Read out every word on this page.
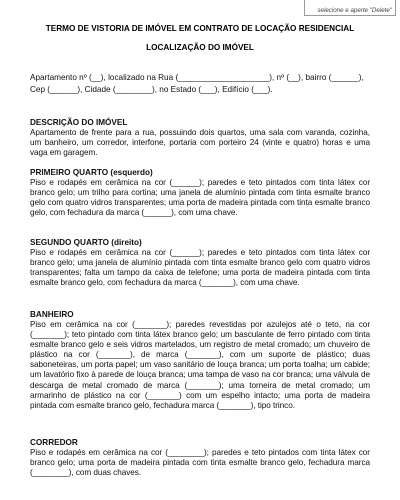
selecione e aperte "Delete"
TERMO DE VISTORIA DE IMÓVEL EM CONTRATO DE LOCAÇÃO RESIDENCIAL
LOCALIZAÇÃO DO IMÓVEL
Apartamento nº (__), localizado na Rua (____________________), nº (__), bairro (______),
Cep (______), Cidade (________), no Estado (___), Edifício (___).

DESCRIÇÃO DO IMÓVEL

Apartamento de frente para a rua, possuindo dois quartos, uma sala com varanda, cozinha, um banheiro, um corredor, interfone, portaria com porteiro 24 (vinte e quatro) horas e uma vaga em garagem.

PRIMEIRO QUARTO (esquerdo)

Piso e rodapés em cerâmica na cor (______); paredes e teto pintados com tinta látex cor branco gelo; um trilho para cortina; uma janela de alumínio pintada com tinta esmalte branco gelo com quatro vidros transparentes; uma porta de madeira pintada com tinta esmalte branco gelo, com fechadura da marca (______), com uma chave.

SEGUNDO QUARTO (direito)

Piso e rodapés em cerâmica na cor (______); paredes e teto pintados com tinta látex cor branco gelo; uma janela de alumínio pintada com tinta esmalte branco gelo com quatro vidros transparentes; falta um tampo da caixa de telefone; uma porta de madeira pintada com tinta esmalte branco gelo, com fechadura da marca (_______), com uma chave.

BANHEIRO

Piso em cerâmica na cor (_______); paredes revestidas por azulejos até o teto, na cor (_______); teto pintado com tinta látex branco gelo; um basculante de ferro pintado com tinta esmalte branco gelo e seis vidros martelados, um registro de metal cromado; um chuveiro de plástico na cor (_______), de marca (_______), com um suporte de plástico; duas saboneteiras, um porta papel; um vaso sanitário de louça branca; um porta toalha; um cabide; um lavatório fixo à parede de louça branca; uma tampa de vaso na cor branca; uma válvula de descarga de metal cromado de marca (_______); uma torneira de metal cromado; um armarinho de plástico na cor (_______) com um espelho intacto; uma porta de madeira pintada com esmalte branco gelo, fechadura marca (_______), tipo trinco.

CORREDOR

Piso e rodapés em cerâmica na cor (________); paredes e teto pintados com tinta látex cor branco gelo; uma porta de madeira pintada com tinta esmalte branco gelo, fechadura marca (________), com duas chaves.
